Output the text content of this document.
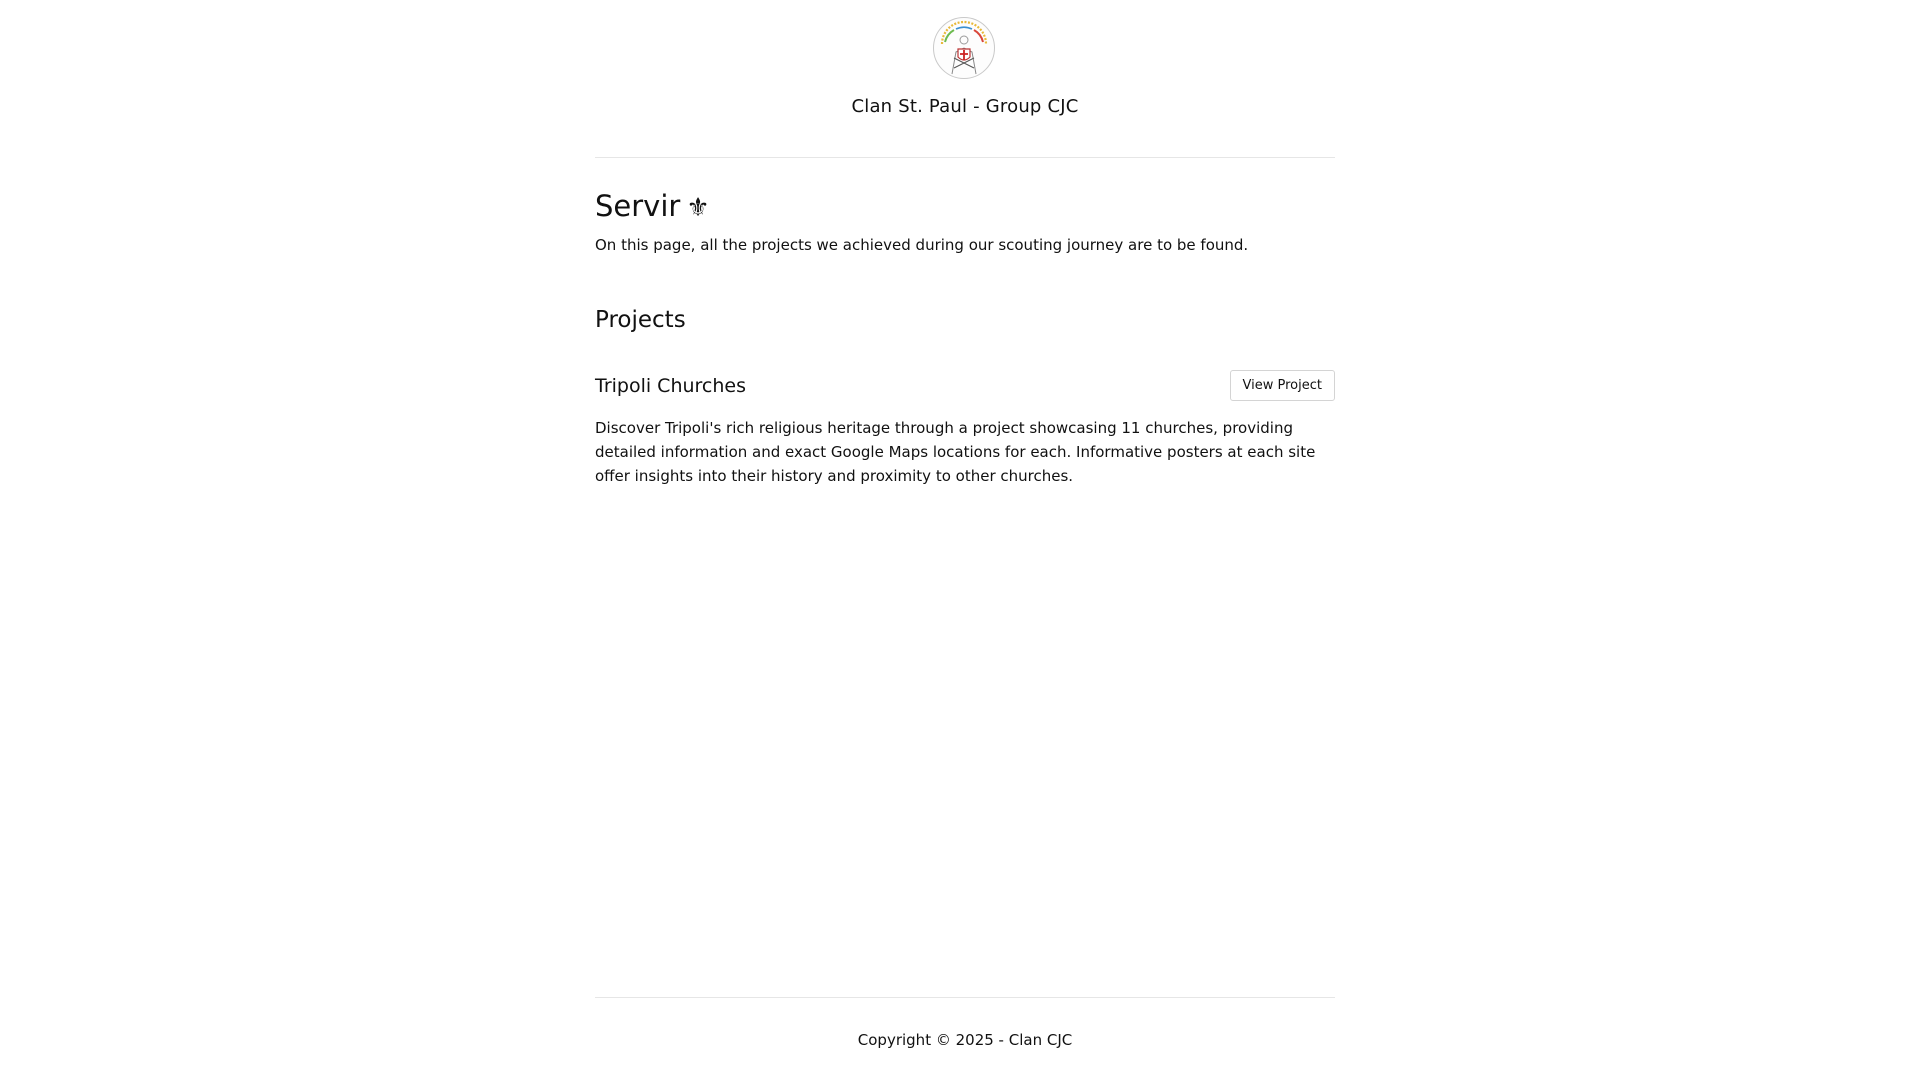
Clan St. Paul - Group CJC
Servir ⚜

On this page, all the projects we achieved during our scouting journey are to be found.

Projects
Tripoli Churches	View Project

Discover Tripoli's rich religious heritage through a project showcasing 11 churches, providing detailed information and exact Google Maps locations for each. Informative posters at each site offer insights into their history and proximity to other churches.

Copyright © 2025 - Clan CJC
